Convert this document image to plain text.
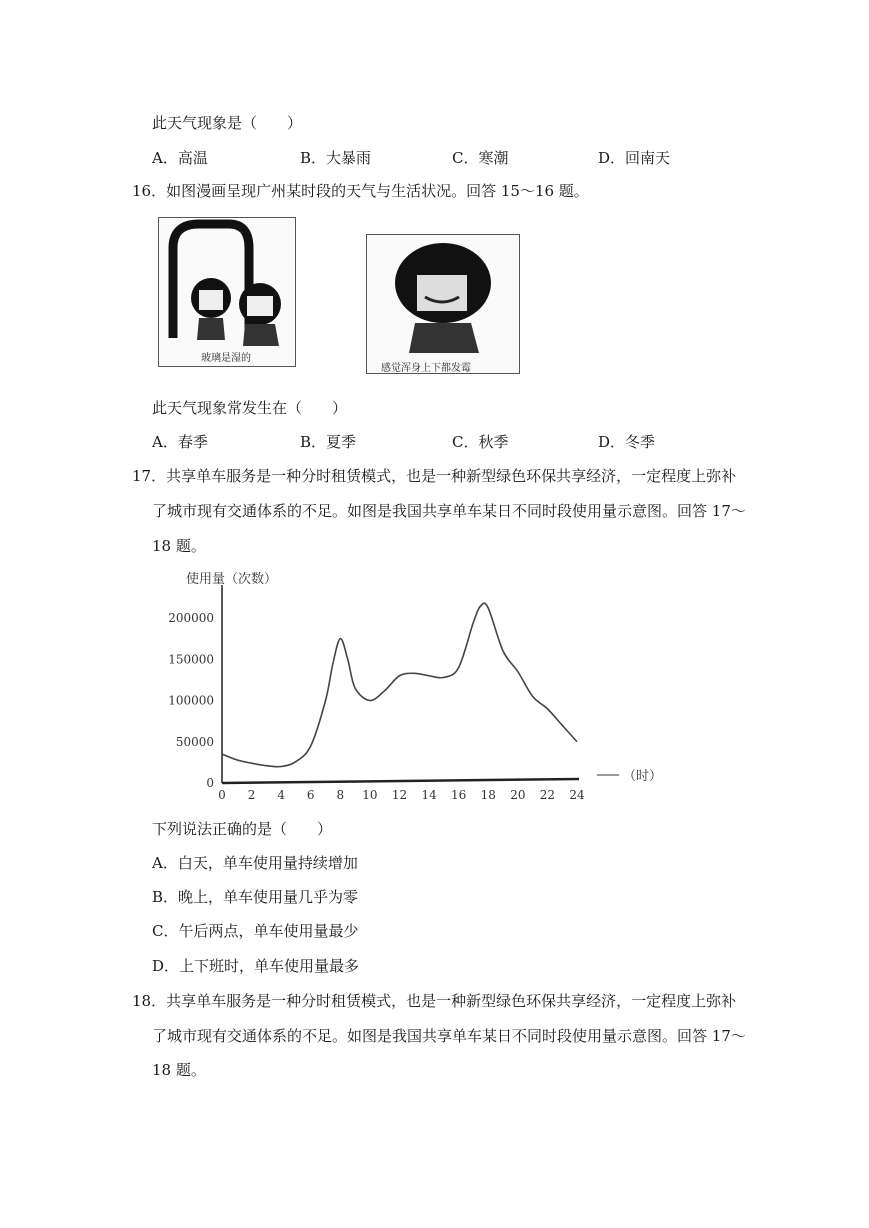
此天气现象是（　　）
A．高温	B．大暴雨	C．寒潮	D．回南天
16．如图漫画呈现广州某时段的天气与生活状况。回答 15～16 题。
玻璃是湿的
感觉浑身上下都发霉
此天气现象常发生在（　　）
A．春季	B．夏季	C．秋季	D．冬季
17．共享单车服务是一种分时租赁模式，也是一种新型绿色环保共享经济，一定程度上弥补
了城市现有交通体系的不足。如图是我国共享单车某日不同时段使用量示意图。回答 17～
18 题。
使用量（次数）
（时）
0
50000
100000
150000
200000
0 2 4 6 8 10 12 14 16 18 20 22 24
下列说法正确的是（　　）
A．白天，单车使用量持续增加
B．晚上，单车使用量几乎为零
C．午后两点，单车使用量最少
D．上下班时，单车使用量最多
18．共享单车服务是一种分时租赁模式，也是一种新型绿色环保共享经济，一定程度上弥补
了城市现有交通体系的不足。如图是我国共享单车某日不同时段使用量示意图。回答 17～
18 题。
